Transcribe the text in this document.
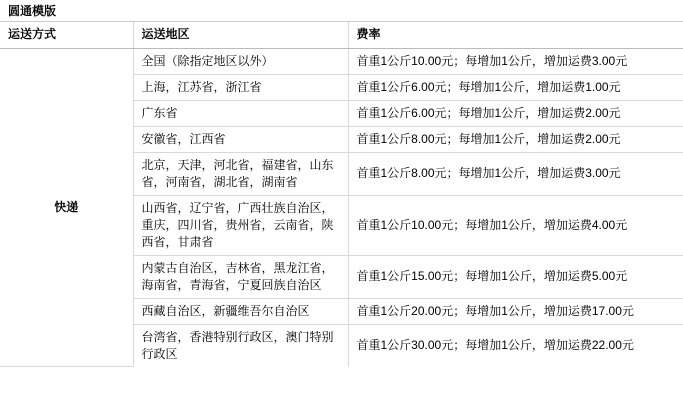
圆通模版
运送方式	运送地区	费率
快递	全国（除指定地区以外）	首重1公斤10.00元；每增加1公斤，增加运费3.00元
	上海，江苏省，浙江省	首重1公斤6.00元；每增加1公斤，增加运费1.00元
	广东省	首重1公斤6.00元；每增加1公斤，增加运费2.00元
	安徽省，江西省	首重1公斤8.00元；每增加1公斤，增加运费2.00元
	北京，天津，河北省，福建省，山东省，河南省，湖北省，湖南省	首重1公斤8.00元；每增加1公斤，增加运费3.00元
	山西省，辽宁省，广西壮族自治区，重庆，四川省，贵州省，云南省，陕西省，甘肃省	首重1公斤10.00元；每增加1公斤，增加运费4.00元
	内蒙古自治区，吉林省，黑龙江省，海南省，青海省，宁夏回族自治区	首重1公斤15.00元；每增加1公斤，增加运费5.00元
	西藏自治区，新疆维吾尔自治区	首重1公斤20.00元；每增加1公斤，增加运费17.00元
	台湾省，香港特别行政区，澳门特别行政区	首重1公斤30.00元；每增加1公斤，增加运费22.00元
